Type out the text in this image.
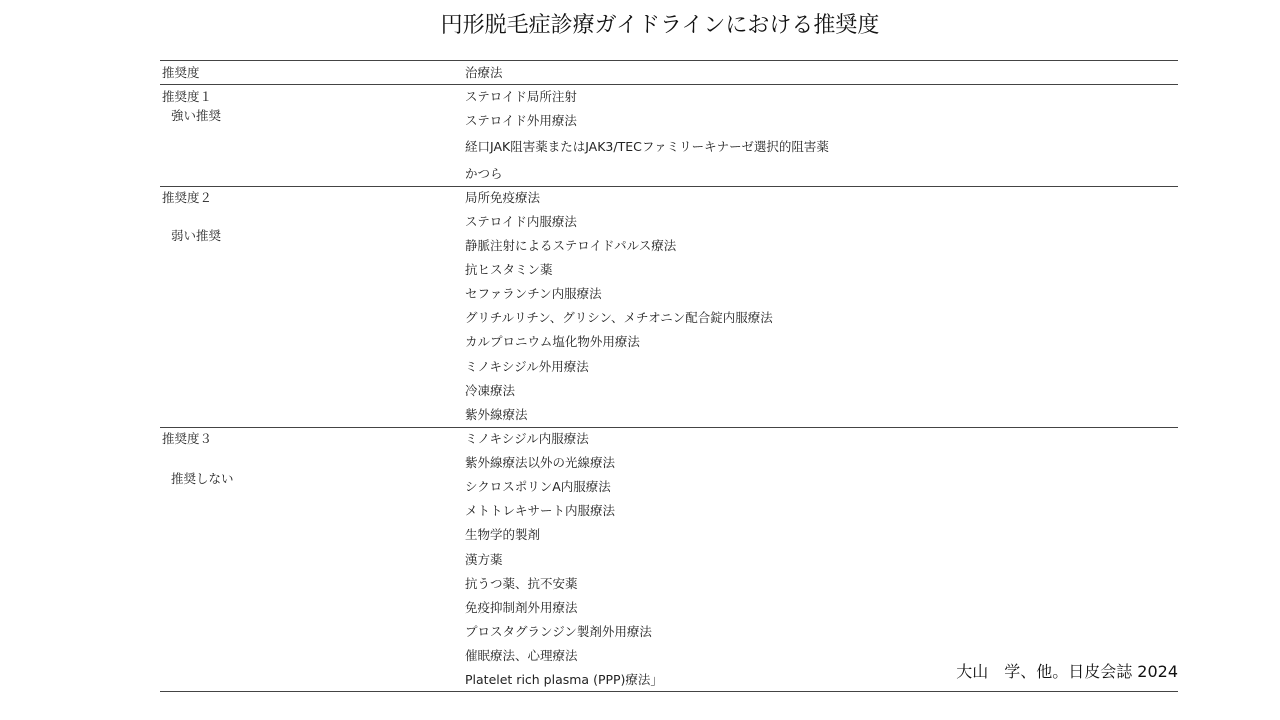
円形脱毛症診療ガイドラインにおける推奨度
推奨度	治療法
推奨度１
強い推奨
ステロイド局所注射
ステロイド外用療法
経口JAK阻害薬またはJAK3/TECファミリーキナーゼ選択的阻害薬
かつら
推奨度２
弱い推奨
局所免疫療法
ステロイド内服療法
静脈注射によるステロイドパルス療法
抗ヒスタミン薬
セファランチン内服療法
グリチルリチン、グリシン、メチオニン配合錠内服療法
カルプロニウム塩化物外用療法
ミノキシジル外用療法
冷凍療法
紫外線療法
推奨度３
推奨しない
ミノキシジル内服療法
紫外線療法以外の光線療法
シクロスポリンA内服療法
メトトレキサート内服療法
生物学的製剤
漢方薬
抗うつ薬、抗不安薬
免疫抑制剤外用療法
プロスタグランジン製剤外用療法
催眠療法、心理療法
Platelet rich plasma (PPP)療法」	大山　学、他。日皮会誌 2024
